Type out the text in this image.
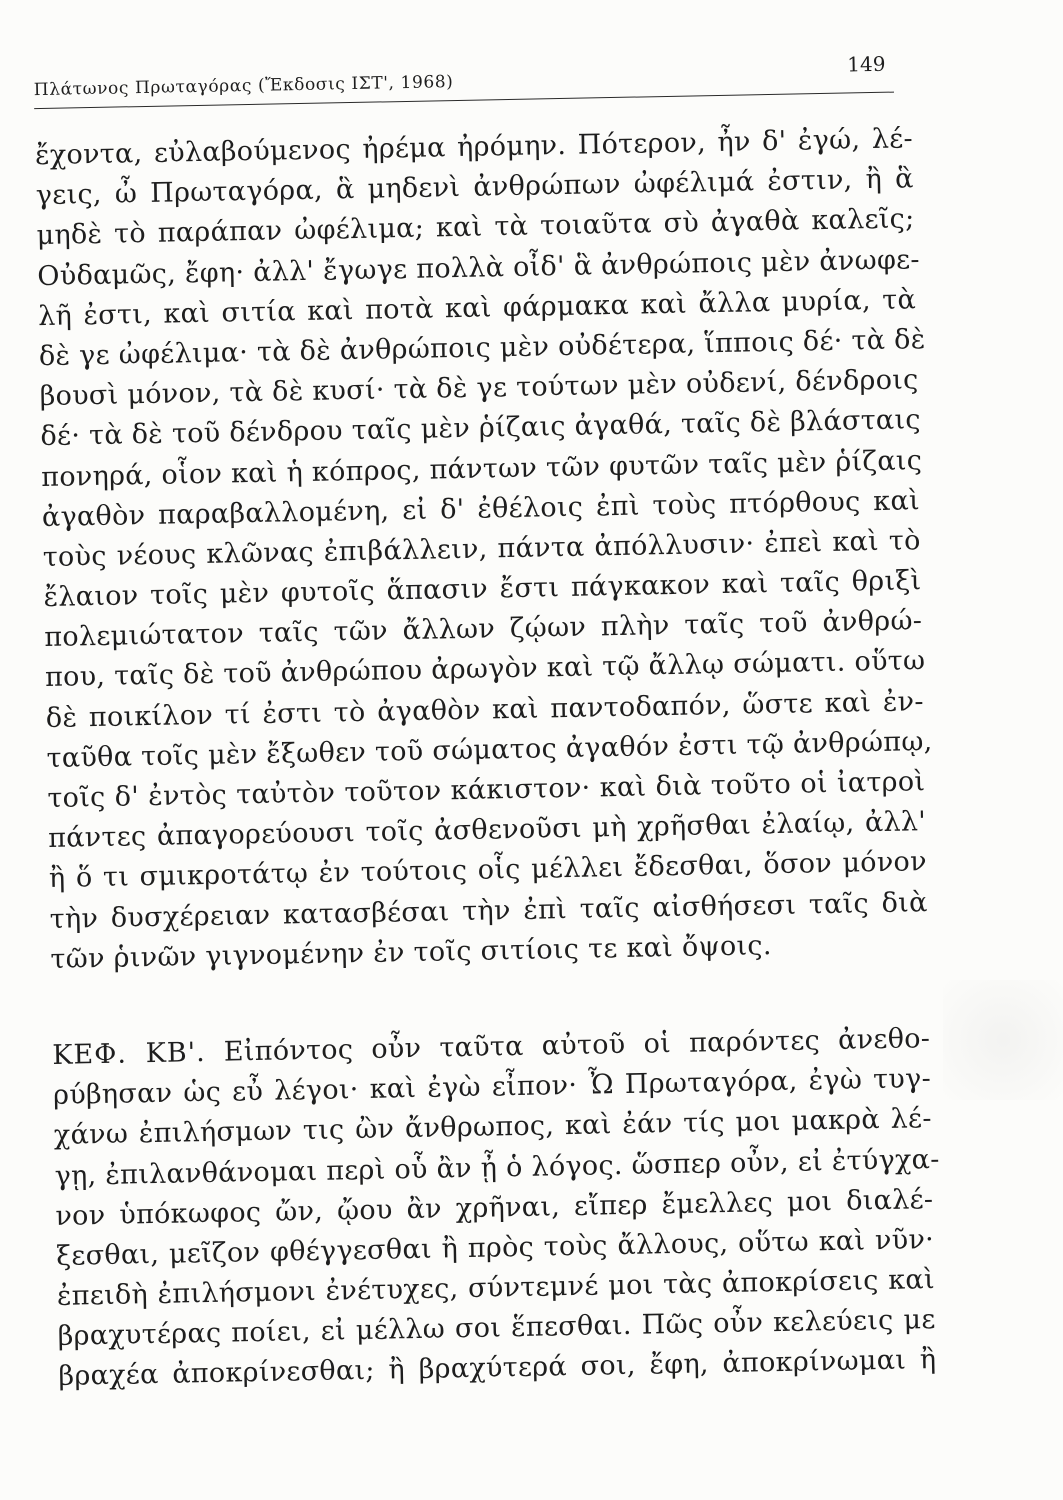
Πλάτωνος Πρωταγόρας (Ἔκδοσις ΙΣΤ', 1968)
149
ἔχοντα, εὐλαβούμενος ἠρέμα ἠρόμην. Πότερον, ἦν δ' ἐγώ, λέ-
γεις, ὦ Πρωταγόρα, ἃ μηδενὶ ἀνθρώπων ὠφέλιμά ἐστιν, ἢ ἃ
μηδὲ τὸ παράπαν ὠφέλιμα; καὶ τὰ τοιαῦτα σὺ ἀγαθὰ καλεῖς;
Οὐδαμῶς, ἔφη· ἀλλ' ἔγωγε πολλὰ οἶδ' ἃ ἀνθρώποις μὲν ἀνωφε-
λῆ ἐστι, καὶ σιτία καὶ ποτὰ καὶ φάρμακα καὶ ἄλλα μυρία, τὰ
δὲ γε ὠφέλιμα· τὰ δὲ ἀνθρώποις μὲν οὐδέτερα, ἵπποις δέ· τὰ δὲ
βουσὶ μόνον, τὰ δὲ κυσί· τὰ δὲ γε τούτων μὲν οὐδενί, δένδροις
δέ· τὰ δὲ τοῦ δένδρου ταῖς μὲν ῥίζαις ἀγαθά, ταῖς δὲ βλάσταις
πονηρά, οἷον καὶ ἡ κόπρος, πάντων τῶν φυτῶν ταῖς μὲν ῥίζαις
ἀγαθὸν παραβαλλομένη, εἰ δ' ἐθέλοις ἐπὶ τοὺς πτόρθους καὶ
τοὺς νέους κλῶνας ἐπιβάλλειν, πάντα ἀπόλλυσιν· ἐπεὶ καὶ τὸ
ἔλαιον τοῖς μὲν φυτοῖς ἅπασιν ἔστι πάγκακον καὶ ταῖς θριξὶ
πολεμιώτατον ταῖς τῶν ἄλλων ζῴων πλὴν ταῖς τοῦ ἀνθρώ-
που, ταῖς δὲ τοῦ ἀνθρώπου ἀρωγὸν καὶ τῷ ἄλλῳ σώματι. οὕτω
δὲ ποικίλον τί ἐστι τὸ ἀγαθὸν καὶ παντοδαπόν, ὥστε καὶ ἐν-
ταῦθα τοῖς μὲν ἔξωθεν τοῦ σώματος ἀγαθόν ἐστι τῷ ἀνθρώπῳ,
τοῖς δ' ἐντὸς ταὐτὸν τοῦτον κάκιστον· καὶ διὰ τοῦτο οἱ ἰατροὶ
πάντες ἀπαγορεύουσι τοῖς ἀσθενοῦσι μὴ χρῆσθαι ἐλαίῳ, ἀλλ'
ἢ ὅ τι σμικροτάτῳ ἐν τούτοις οἷς μέλλει ἔδεσθαι, ὅσον μόνον
τὴν δυσχέρειαν κατασβέσαι τὴν ἐπὶ ταῖς αἰσθήσεσι ταῖς διὰ
τῶν ῥινῶν γιγνομένην ἐν τοῖς σιτίοις τε καὶ ὄψοις.
ΚΕΦ. ΚΒ'. Εἰπόντος οὖν ταῦτα αὐτοῦ οἱ παρόντες ἀνεθο-
ρύβησαν ὡς εὖ λέγοι· καὶ ἐγὼ εἶπον· Ὦ Πρωταγόρα, ἐγὼ τυγ-
χάνω ἐπιλήσμων τις ὢν ἄνθρωπος, καὶ ἐάν τίς μοι μακρὰ λέ-
γῃ, ἐπιλανθάνομαι περὶ οὗ ἂν ᾖ ὁ λόγος. ὥσπερ οὖν, εἰ ἐτύγχα-
νον ὑπόκωφος ὤν, ᾤου ἂν χρῆναι, εἴπερ ἔμελλες μοι διαλέ-
ξεσθαι, μεῖζον φθέγγεσθαι ἢ πρὸς τοὺς ἄλλους, οὕτω καὶ νῦν·
ἐπειδὴ ἐπιλήσμονι ἐνέτυχες, σύντεμνέ μοι τὰς ἀποκρίσεις καὶ
βραχυτέρας ποίει, εἰ μέλλω σοι ἕπεσθαι. Πῶς οὖν κελεύεις με
βραχέα ἀποκρίνεσθαι; ἢ βραχύτερά σοι, ἔφη, ἀποκρίνωμαι ἢ
